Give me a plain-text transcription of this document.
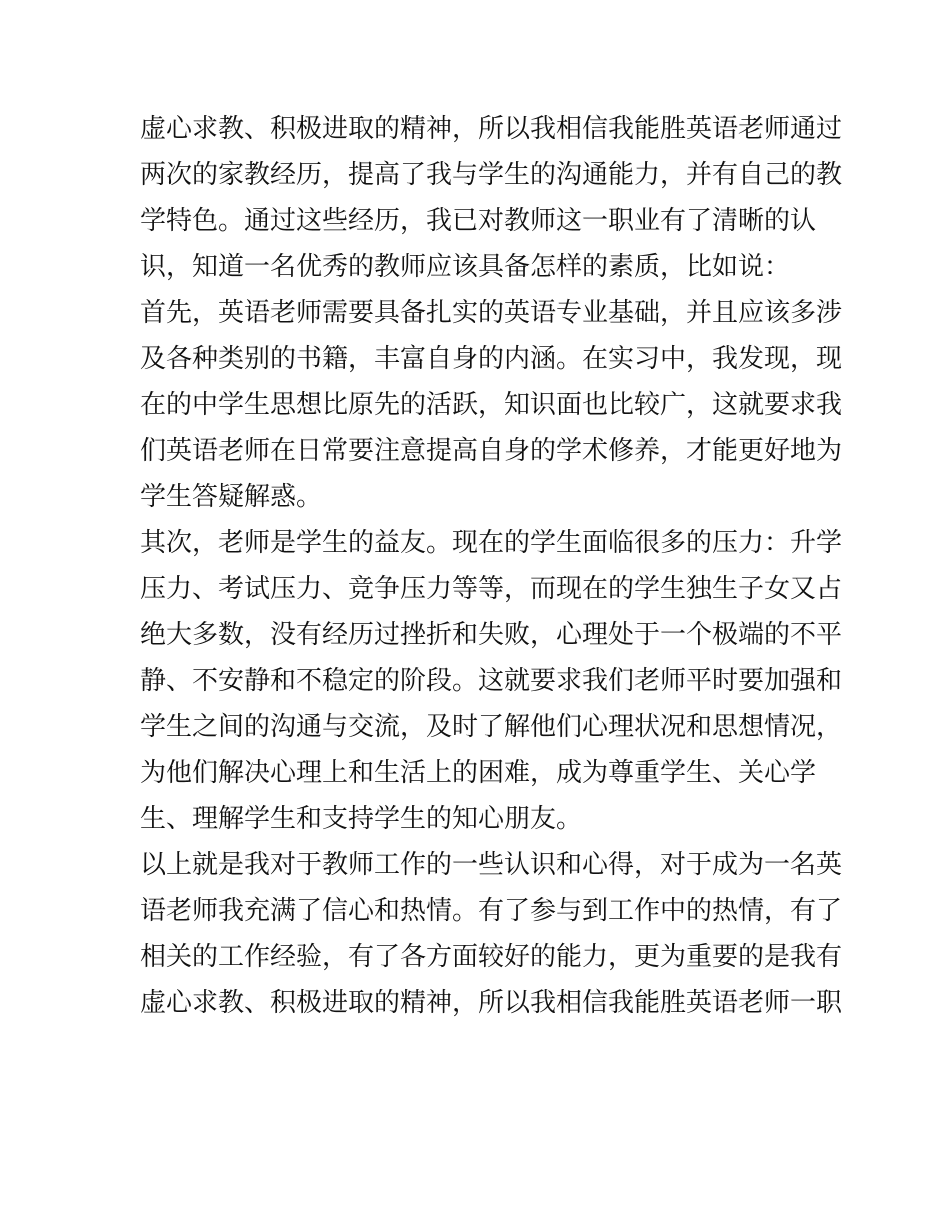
虚心求教、积极进取的精神，所以我相信我能胜英语老师通过
两次的家教经历，提高了我与学生的沟通能力，并有自己的教
学特色。通过这些经历，我已对教师这一职业有了清晰的认
识，知道一名优秀的教师应该具备怎样的素质，比如说：
首先，英语老师需要具备扎实的英语专业基础，并且应该多涉
及各种类别的书籍，丰富自身的内涵。在实习中，我发现，现
在的中学生思想比原先的活跃，知识面也比较广，这就要求我
们英语老师在日常要注意提高自身的学术修养，才能更好地为
学生答疑解惑。
其次，老师是学生的益友。现在的学生面临很多的压力：升学
压力、考试压力、竞争压力等等，而现在的学生独生子女又占
绝大多数，没有经历过挫折和失败，心理处于一个极端的不平
静、不安静和不稳定的阶段。这就要求我们老师平时要加强和
学生之间的沟通与交流，及时了解他们心理状况和思想情况，
为他们解决心理上和生活上的困难，成为尊重学生、关心学
生、理解学生和支持学生的知心朋友。
以上就是我对于教师工作的一些认识和心得，对于成为一名英
语老师我充满了信心和热情。有了参与到工作中的热情，有了
相关的工作经验，有了各方面较好的能力，更为重要的是我有
虚心求教、积极进取的精神，所以我相信我能胜英语老师一职
